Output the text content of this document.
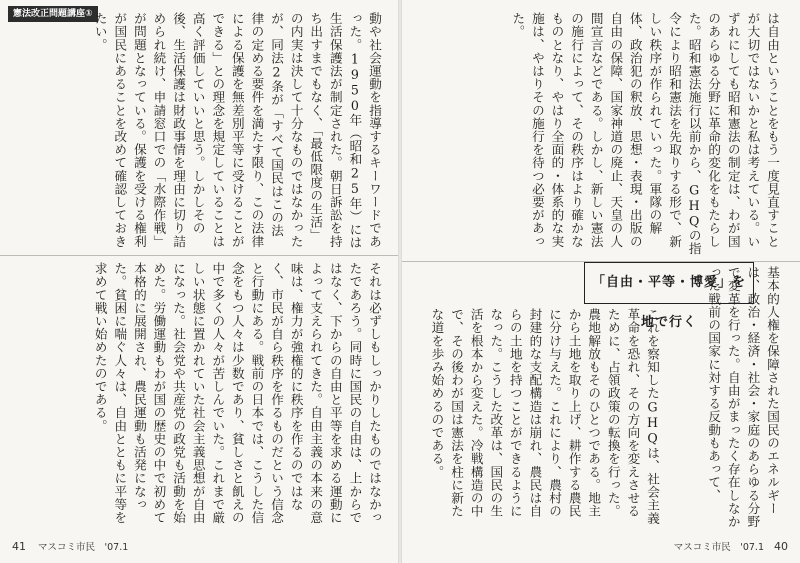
憲法改正問題講座①	動や社会運動を指導するキーワードであった。1950年（昭和25年）には生活保護法が制定された。朝日訴訟を持ち出すまでもなく、「最低限度の生活」の内実は決して十分なものではなかったが、同法2条が「すべて国民はこの法律の定める要件を満たす限り、この法律による保護を無差別平等に受けることができる」との理念を規定していることは高く評価していいと思う。しかしその後、生活保護は財政事情を理由に切り詰められ続け、申請窓口での「水際作戦」が問題となっている。保護を受ける権利が国民にあることを改めて確認しておきたい。
それは必ずしもしっかりしたものではなかったであろう。同時に国民の自由は、上からではなく、下からの自由と平等を求める運動によって支えられてきた。自由主義の本来の意味は、権力が強権的に秩序を作るのではなく、市民が自ら秩序を作るものだという信念と行動にある。戦前の日本では、こうした信念をもつ人々は少数であり、貧しさと飢えの中で多くの人々が苦しんでいた。これまで厳しい状態に置かれていた社会主義思想が自由になった。社会党や共産党の政党も活動を始めた。労働運動もわが国の歴史の中で初めて本格的に展開され、農民運動も活発になった。貧困に喘ぐ人々は、自由とともに平等を求めて戦い始めたのである。
41 マスコミ市民　'07.1
は自由ということをもう一度見直すことが大切ではないかと私は考えている。いずれにしても昭和憲法の制定は、わが国のあらゆる分野に革命的変化をもたらした。昭和憲法施行以前から、GHQの指令により昭和憲法を先取りする形で、新しい秩序が作られていった。軍隊の解体、政治犯の釈放、思想・表現・出版の自由の保障、国家神道の廃止、天皇の人間宣言などである。しかし、新しい憲法の施行によって、その秩序はより確かなものとなり、やはり全面的・体系的な実施は、やはりその施行を待つ必要があった。
「自由・平等・博愛」を地で行く	基本的人権を保障された国民のエネルギーは、政治・経済・社会・家庭のあらゆる分野で変革を行った。自由がまったく存在しなかった戦前の国家に対する反動もあって、
これを察知したGHQは、社会主義革命を恐れ、その方向を変えさせるために、占領政策の転換を行った。農地解放もそのひとつである。地主から土地を取り上げ、耕作する農民に分け与えた。これにより、農村の封建的な支配構造は崩れ、農民は自らの土地を持つことができるようになった。こうした改革は、国民の生活を根本から変えた。冷戦構造の中で、その後わが国は憲法を柱に新たな道を歩み始めるのである。
マスコミ市民　'07.1 40
